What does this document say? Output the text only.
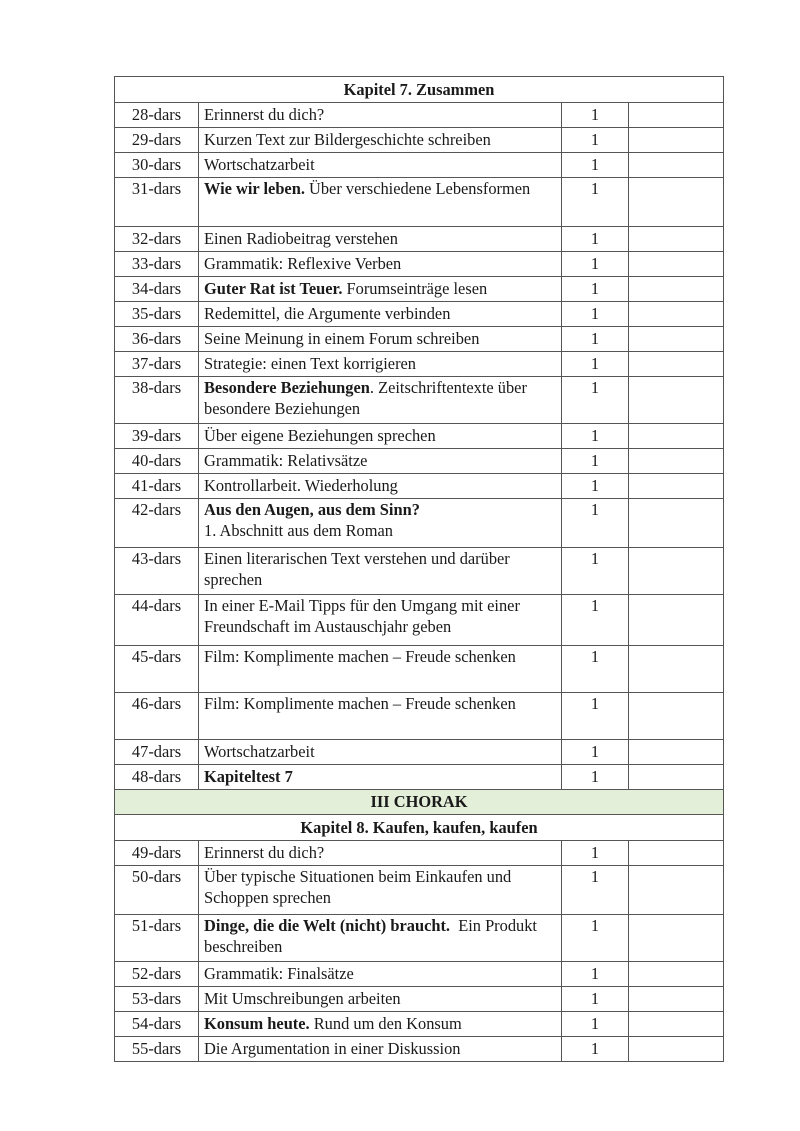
Kapitel 7. Zusammen			
28-dars	Erinnerst du dich?	1	
29-dars	Kurzen Text zur Bildergeschichte schreiben	1	
30-dars	Wortschatzarbeit	1	
31-dars	Wie wir leben. Über verschiedene Lebensformen	1	
32-dars	Einen Radiobeitrag verstehen	1	
33-dars	Grammatik: Reflexive Verben	1	
34-dars	Guter Rat ist Teuer. Forumseinträge lesen	1	
35-dars	Redemittel, die Argumente verbinden	1	
36-dars	Seine Meinung in einem Forum schreiben	1	
37-dars	Strategie: einen Text korrigieren	1	
38-dars	Besondere Beziehungen. Zeitschriftentexte über besondere Beziehungen	1	
39-dars	Über eigene Beziehungen sprechen	1	
40-dars	Grammatik: Relativsätze	1	
41-dars	Kontrollarbeit. Wiederholung	1	
42-dars	Aus den Augen, aus dem Sinn?
1. Abschnitt aus dem Roman	1	
43-dars	Einen literarischen Text verstehen und darüber sprechen	1	
44-dars	In einer E-Mail Tipps für den Umgang mit einer Freundschaft im Austauschjahr geben	1	
45-dars	Film: Komplimente machen – Freude schenken	1	
46-dars	Film: Komplimente machen – Freude schenken	1	
47-dars	Wortschatzarbeit	1	
48-dars	Kapiteltest 7	1	
III CHORAK			
Kapitel 8. Kaufen, kaufen, kaufen			
49-dars	Erinnerst du dich?	1	
50-dars	Über typische Situationen beim Einkaufen und Schoppen sprechen	1	
51-dars	Dinge, die die Welt (nicht) braucht.  Ein Produkt beschreiben	1	
52-dars	Grammatik: Finalsätze	1	
53-dars	Mit Umschreibungen arbeiten	1	
54-dars	Konsum heute. Rund um den Konsum	1	
55-dars	Die Argumentation in einer Diskussion	1	
